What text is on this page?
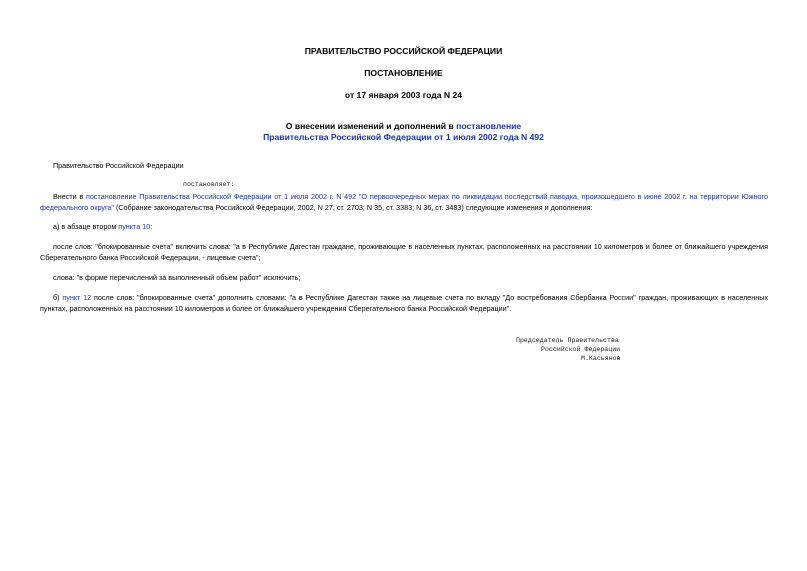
ПРАВИТЕЛЬСТВО РОССИЙСКОЙ ФЕДЕРАЦИИ
ПОСТАНОВЛЕНИЕ
от 17 января 2003 года N 24
О внесении изменений и дополнений в постановление
Правительства Российской Федерации от 1 июля 2002 года N 492
Правительство Российской Федерации
постановляет:
Внести в постановление Правительства Российской Федерации от 1 июля 2002 г. N 492 "О первоочередных мерах по ликвидации последствий паводка, произошедшего в июне 2002 г. на территории Южного федерального округа" (Собрание законодательства Российской Федерации, 2002, N 27, ст. 2703; N 35, ст. 3383; N 36, ст. 3483) следующие изменения и дополнения:
а) в абзаце втором пункта 10:
после слов: "блокированные счета" включить слова: "а в Республике Дагестан граждане, проживающие в населенных пунктах, расположенных на расстоянии 10 километров и более от ближайшего учреждения Сберегательного банка Российской Федерации, - лицевые счета";
слова: "в форме перечислений за выполненный объем работ" исключить;
б) пункт 12 после слов: "блокированные счета" дополнить словами: "а в Республике Дагестан также на лицевые счета по вкладу "До востребования Сбербанка России" граждан, проживающих в населенных пунктах, расположенных на расстоянии 10 километров и более от ближайшего учреждения Сберегательного банка Российской Федерации".
Председатель Правительства
Российской Федерации
М.Касьянов
